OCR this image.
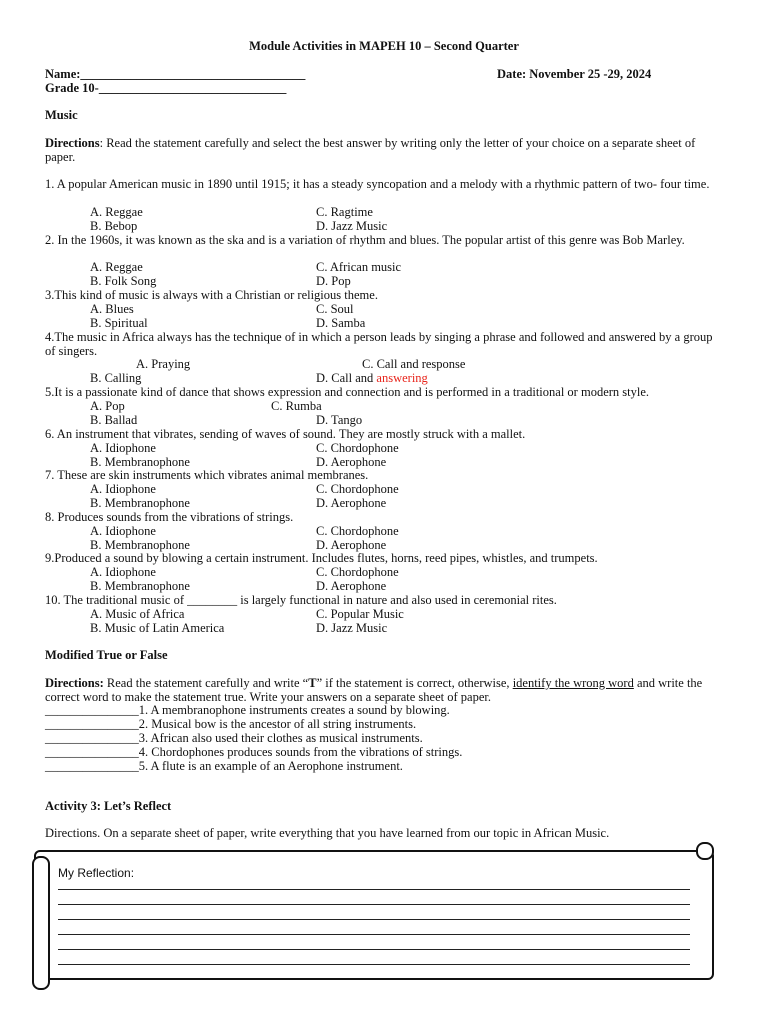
Module Activities in MAPEH 10 – Second Quarter
Name:____________________________________	Date: November 25 -29, 2024
Grade 10-______________________________
Music
Directions: Read the statement carefully and select the best answer by writing only the letter of your choice on a separate sheet of paper.
1. A popular American music in 1890 until 1915; it has a steady syncopation and a melody with a rhythmic pattern of two- four time.
A. Reggae	C. Ragtime
B. Bebop	D. Jazz Music
2. In the 1960s, it was known as the ska and is a variation of rhythm and blues. The popular artist of this genre was Bob Marley.
A. Reggae	C. African music
B. Folk Song	D. Pop
3.This kind of music is always with a Christian or religious theme.
A. Blues	C. Soul
B. Spiritual	D. Samba
4.The music in Africa always has the technique of in which a person leads by singing a phrase and followed and answered by a group of singers.
A. Praying	C. Call and response
B. Calling	D. Call and answering
5.It is a passionate kind of dance that shows expression and connection and is performed in a traditional or modern style.
A. Pop	C. Rumba
B. Ballad	D. Tango
6. An instrument that vibrates, sending of waves of sound. They are mostly struck with a mallet.
A. Idiophone	C. Chordophone
B. Membranophone	D. Aerophone
7. These are skin instruments which vibrates animal membranes.
A. Idiophone	C. Chordophone
B. Membranophone	D. Aerophone
8. Produces sounds from the vibrations of strings.
A. Idiophone	C. Chordophone
B. Membranophone	D. Aerophone
9.Produced a sound by blowing a certain instrument. Includes flutes, horns, reed pipes, whistles, and trumpets.
A. Idiophone	C. Chordophone
B. Membranophone	D. Aerophone
10. The traditional music of ________ is largely functional in nature and also used in ceremonial rites.
A. Music of Africa	C. Popular Music
B. Music of Latin America	D. Jazz Music
Modified True or False
Directions: Read the statement carefully and write “T” if the statement is correct, otherwise, identify the wrong word and write the correct word to make the statement true. Write your answers on a separate sheet of paper.
_______________1. A membranophone instruments creates a sound by blowing.
_______________2. Musical bow is the ancestor of all string instruments.
_______________3. African also used their clothes as musical instruments.
_______________4. Chordophones produces sounds from the vibrations of strings.
_______________5. A flute is an example of an Aerophone instrument.
Activity 3: Let’s Reflect
Directions. On a separate sheet of paper, write everything that you have learned from our topic in African Music.
My Reflection:
